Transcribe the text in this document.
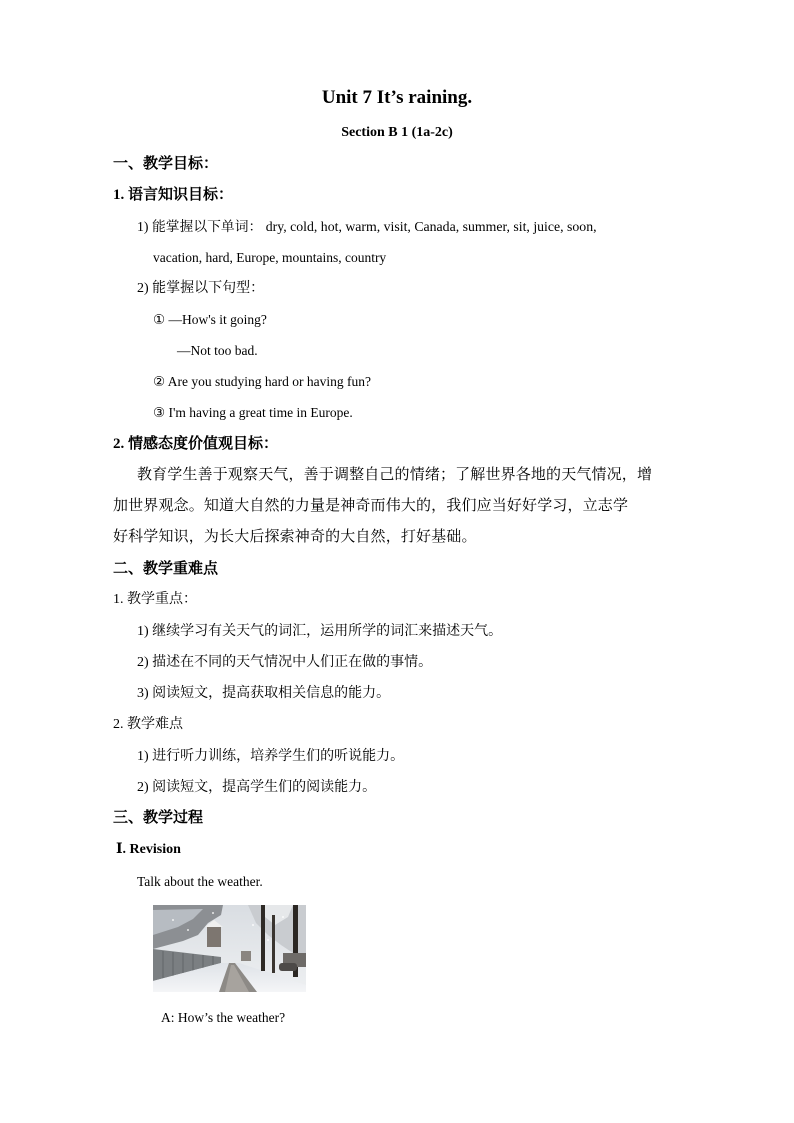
Unit 7 It’s raining.
Section B 1 (1a-2c)
一、教学目标：
1. 语言知识目标：
1) 能掌握以下单词： dry, cold, hot, warm, visit, Canada, summer, sit, juice, soon,
vacation, hard, Europe, mountains, country
2) 能掌握以下句型：
① —How's it going?
—Not too bad.
② Are you studying hard or having fun?
③ I'm having a great time in Europe.
2. 情感态度价值观目标：
教育学生善于观察天气，善于调整自己的情绪；了解世界各地的天气情况，增
加世界观念。知道大自然的力量是神奇而伟大的，我们应当好好学习，立志学
好科学知识，为长大后探索神奇的大自然，打好基础。
二、教学重难点
1. 教学重点：
1) 继续学习有关天气的词汇，运用所学的词汇来描述天气。
2) 描述在不同的天气情况中人们正在做的事情。
3) 阅读短文，提高获取相关信息的能力。
2. 教学难点
1) 进行听力训练，培养学生们的听说能力。
2) 阅读短文，提高学生们的阅读能力。
三、教学过程
Ⅰ. Revision
Talk about the weather.
A: How’s the weather?
